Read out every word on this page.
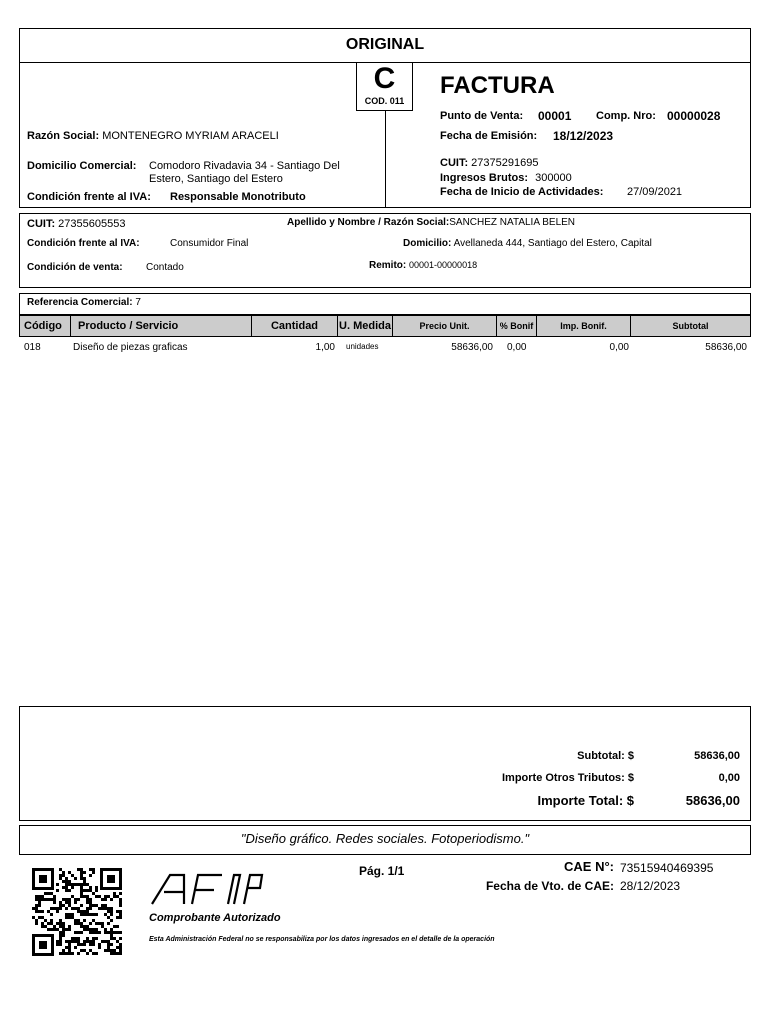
ORIGINAL
C
COD. 011
FACTURA
Razón Social: MONTENEGRO MYRIAM ARACELI
Domicilio Comercial: Comodoro Rivadavia 34 - Santiago Del
Estero, Santiago del Estero
Condición frente al IVA: Responsable Monotributo
Punto de Venta: 00001 Comp. Nro: 00000028
Fecha de Emisión: 18/12/2023
CUIT: 27375291695
Ingresos Brutos: 300000
Fecha de Inicio de Actividades: 27/09/2021
CUIT: 27355605553	Apellido y Nombre / Razón Social:SANCHEZ NATALIA BELEN
Condición frente al IVA:	Consumidor Final	Domicilio: Avellaneda 444, Santiago del Estero, Capital
Condición de venta: Contado	Remito: 00001-00000018
Referencia Comercial: 7
Código Producto / Servicio	Cantidad U. Medida	Precio Unit.	% Bonif	Imp. Bonif.	Subtotal
018	Diseño de piezas graficas	1,00 unidades	58636,00 0,00	0,00	58636,00
Subtotal: $	58636,00
Importe Otros Tributos: $	0,00
Importe Total: $	58636,00
"Diseño gráfico. Redes sociales. Fotoperiodismo."
Pág. 1/1	CAE N°: 73515940469395
Fecha de Vto. de CAE: 28/12/2023
Comprobante Autorizado
Esta Administración Federal no se responsabiliza por los datos ingresados en el detalle de la operación
